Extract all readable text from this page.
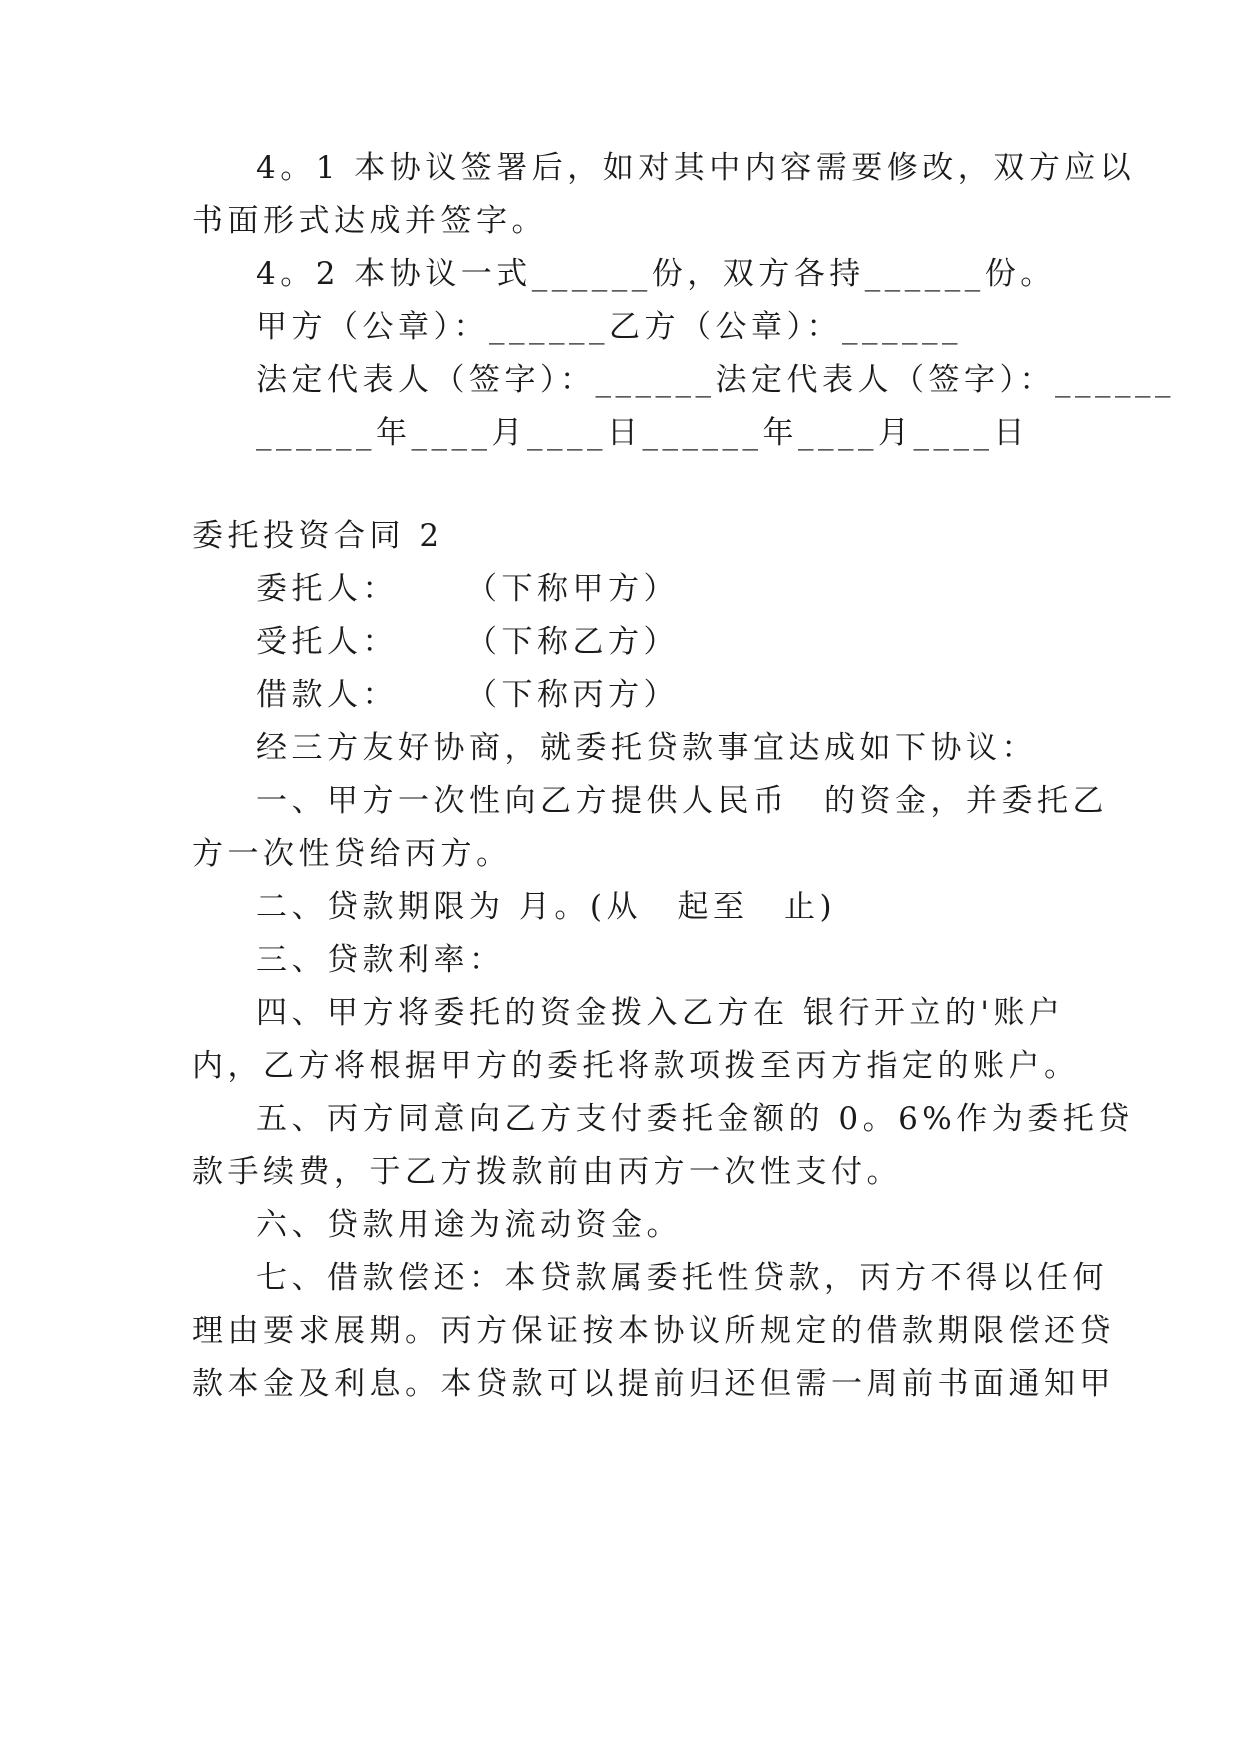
4。1 本协议签署后，如对其中内容需要修改，双方应以
书面形式达成并签字。
4。2 本协议一式______份，双方各持______份。
甲方（公章）：______乙方（公章）：______
法定代表人（签字）：______法定代表人（签字）：______
______年____月____日______年____月____日
委托投资合同 2
委托人： （下称甲方）
受托人： （下称乙方）
借款人： （下称丙方）
经三方友好协商，就委托贷款事宜达成如下协议：
一、甲方一次性向乙方提供人民币　的资金，并委托乙
方一次性贷给丙方。
二、贷款期限为 月。(从　起至　止)
三、贷款利率：
四、甲方将委托的资金拨入乙方在 银行开立的'账户
内，乙方将根据甲方的委托将款项拨至丙方指定的账户。
五、丙方同意向乙方支付委托金额的 0。6%作为委托贷
款手续费，于乙方拨款前由丙方一次性支付。
六、贷款用途为流动资金。
七、借款偿还：本贷款属委托性贷款，丙方不得以任何
理由要求展期。丙方保证按本协议所规定的借款期限偿还贷
款本金及利息。本贷款可以提前归还但需一周前书面通知甲
